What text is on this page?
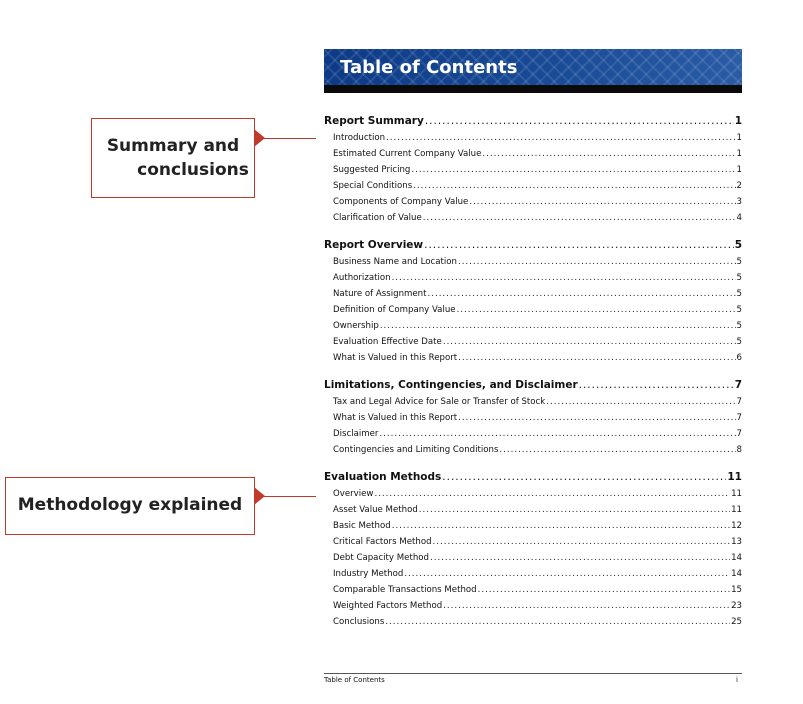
Table of Contents
Summary and
conclusions
Methodology explained
Report Summary .....	1
Introduction .....	1
Estimated Current Company Value .....	1
Suggested Pricing .....	1
Special Conditions .....	2
Components of Company Value .....	3
Clarification of Value .....	4
Report Overview .....	5
Business Name and Location .....	5
Authorization .....	5
Nature of Assignment .....	5
Definition of Company Value .....	5
Ownership .....	5
Evaluation Effective Date .....	5
What is Valued in this Report .....	6
Limitations, Contingencies, and Disclaimer .....	7
Tax and Legal Advice for Sale or Transfer of Stock .....	7
What is Valued in this Report .....	7
Disclaimer .....	7
Contingencies and Limiting Conditions .....	8
Evaluation Methods .....	11
Overview .....	11
Asset Value Method .....	11
Basic Method .....	12
Critical Factors Method .....	13
Debt Capacity Method .....	14
Industry Method .....	14
Comparable Transactions Method .....	15
Weighted Factors Method .....	23
Conclusions .....	25
Table of Contents	i
